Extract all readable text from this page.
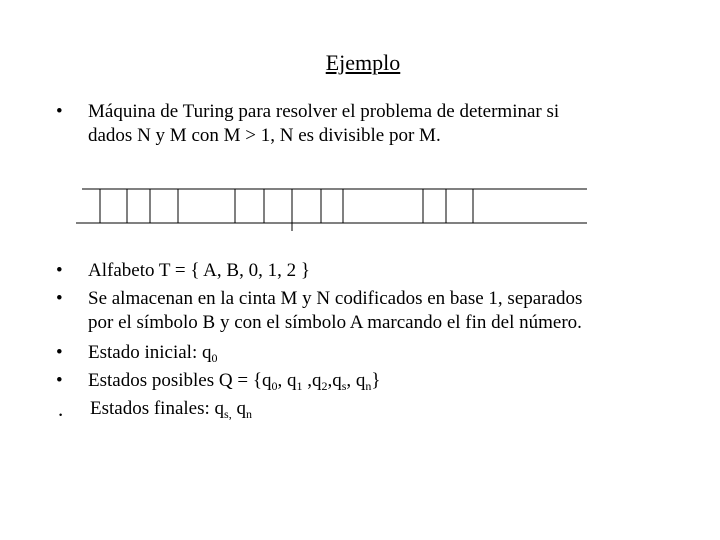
Ejemplo
• Máquina de Turing para resolver el problema de determinar si
dados N y M con M > 1, N es divisible por M.
• Alfabeto T = { A, B, 0, 1, 2 }
• Se almacenan en la cinta M y N codificados en base 1, separados
por el símbolo B y con el símbolo A marcando el fin del número.
• Estado inicial: $q_0$
• Estados posibles $Q = \{q_0$, $q_1$ $,q_2,q_s$, $q_n$}
. Estados finales: $q_{s,}$ $q_n$
